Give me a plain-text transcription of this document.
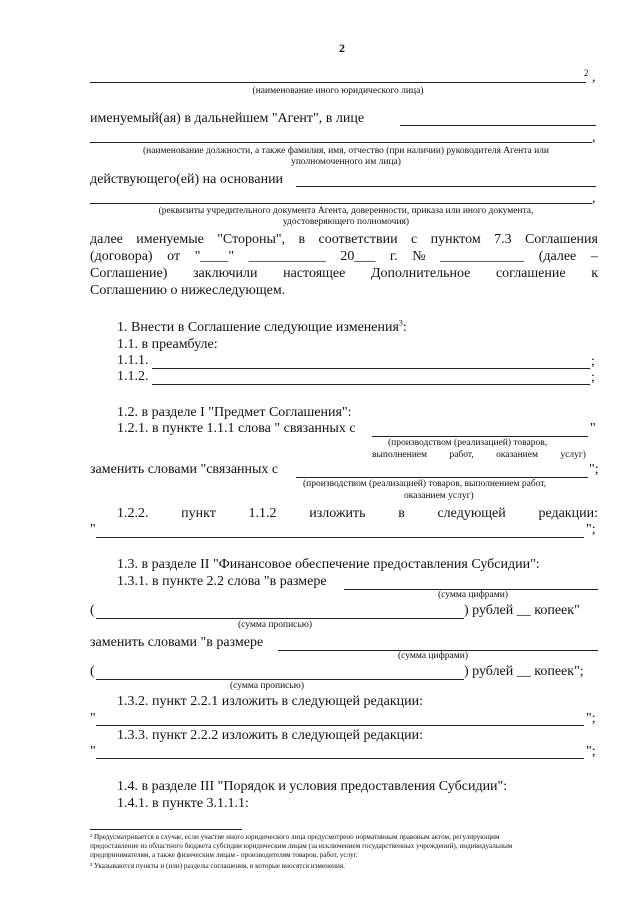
2
2 ,
(наименование иного юридического лица)
именуемый(ая) в дальнейшем "Агент", в лице
,
(наименование должности, а также фамилия, имя, отчество (при наличии) руководителя Агента или
уполномоченного им лица)
действующего(ей) на основании
,
(реквизиты учредительного документа Агента, доверенности, приказа или иного документа,
удостоверяющего полномочия)
далее именуемые "Стороны", в соответствии с пунктом 7.3 Соглашения
(договора) от "____" ___________ 20___ г. № ____________ (далее –
Соглашение) заключили настоящее Дополнительное соглашение к
Соглашению о нижеследующем.
1. Внести в Соглашение следующие изменения$^3$:
1.1. в преамбуле:
1.1.1.	;
1.1.2.	;
1.2. в разделе I "Предмет Соглашения":
1.2.1. в пункте 1.1.1 слова " связанных с	"
(производством (реализацией) товаров,
выполнением работ, оказанием услуг)
заменить словами "связанных с	";
(производством (реализацией) товаров, выполнением работ,
оказанием услуг)
1.2.2. пункт 1.1.2 изложить в следующей редакции:
"	";
1.3. в разделе II "Финансовое обеспечение предоставления Субсидии":
1.3.1. в пункте 2.2 слова "в размере
(сумма цифрами)
(	) рублей __ копеек"
(сумма прописью)
заменить словами "в размере
(сумма цифрами)
(	) рублей __ копеек";
(сумма прописью)
1.3.2. пункт 2.2.1 изложить в следующей редакции:
"	";
1.3.3. пункт 2.2.2 изложить в следующей редакции:
"	";
1.4. в разделе III "Порядок и условия предоставления Субсидии":
1.4.1. в пункте 3.1.1.1:
² Предусматривается в случае, если участие иного юридического лица предусмотрено нормативным правовым актом, регулирующим
предоставление из областного бюджета субсидии юридическим лицам (за исключением государственных учреждений), индивидуальным
предпринимателям, а также физическим лицам - производителям товаров, работ, услуг.
³ Указываются пункты и (или) разделы соглашения, в которые вносятся изменения.
